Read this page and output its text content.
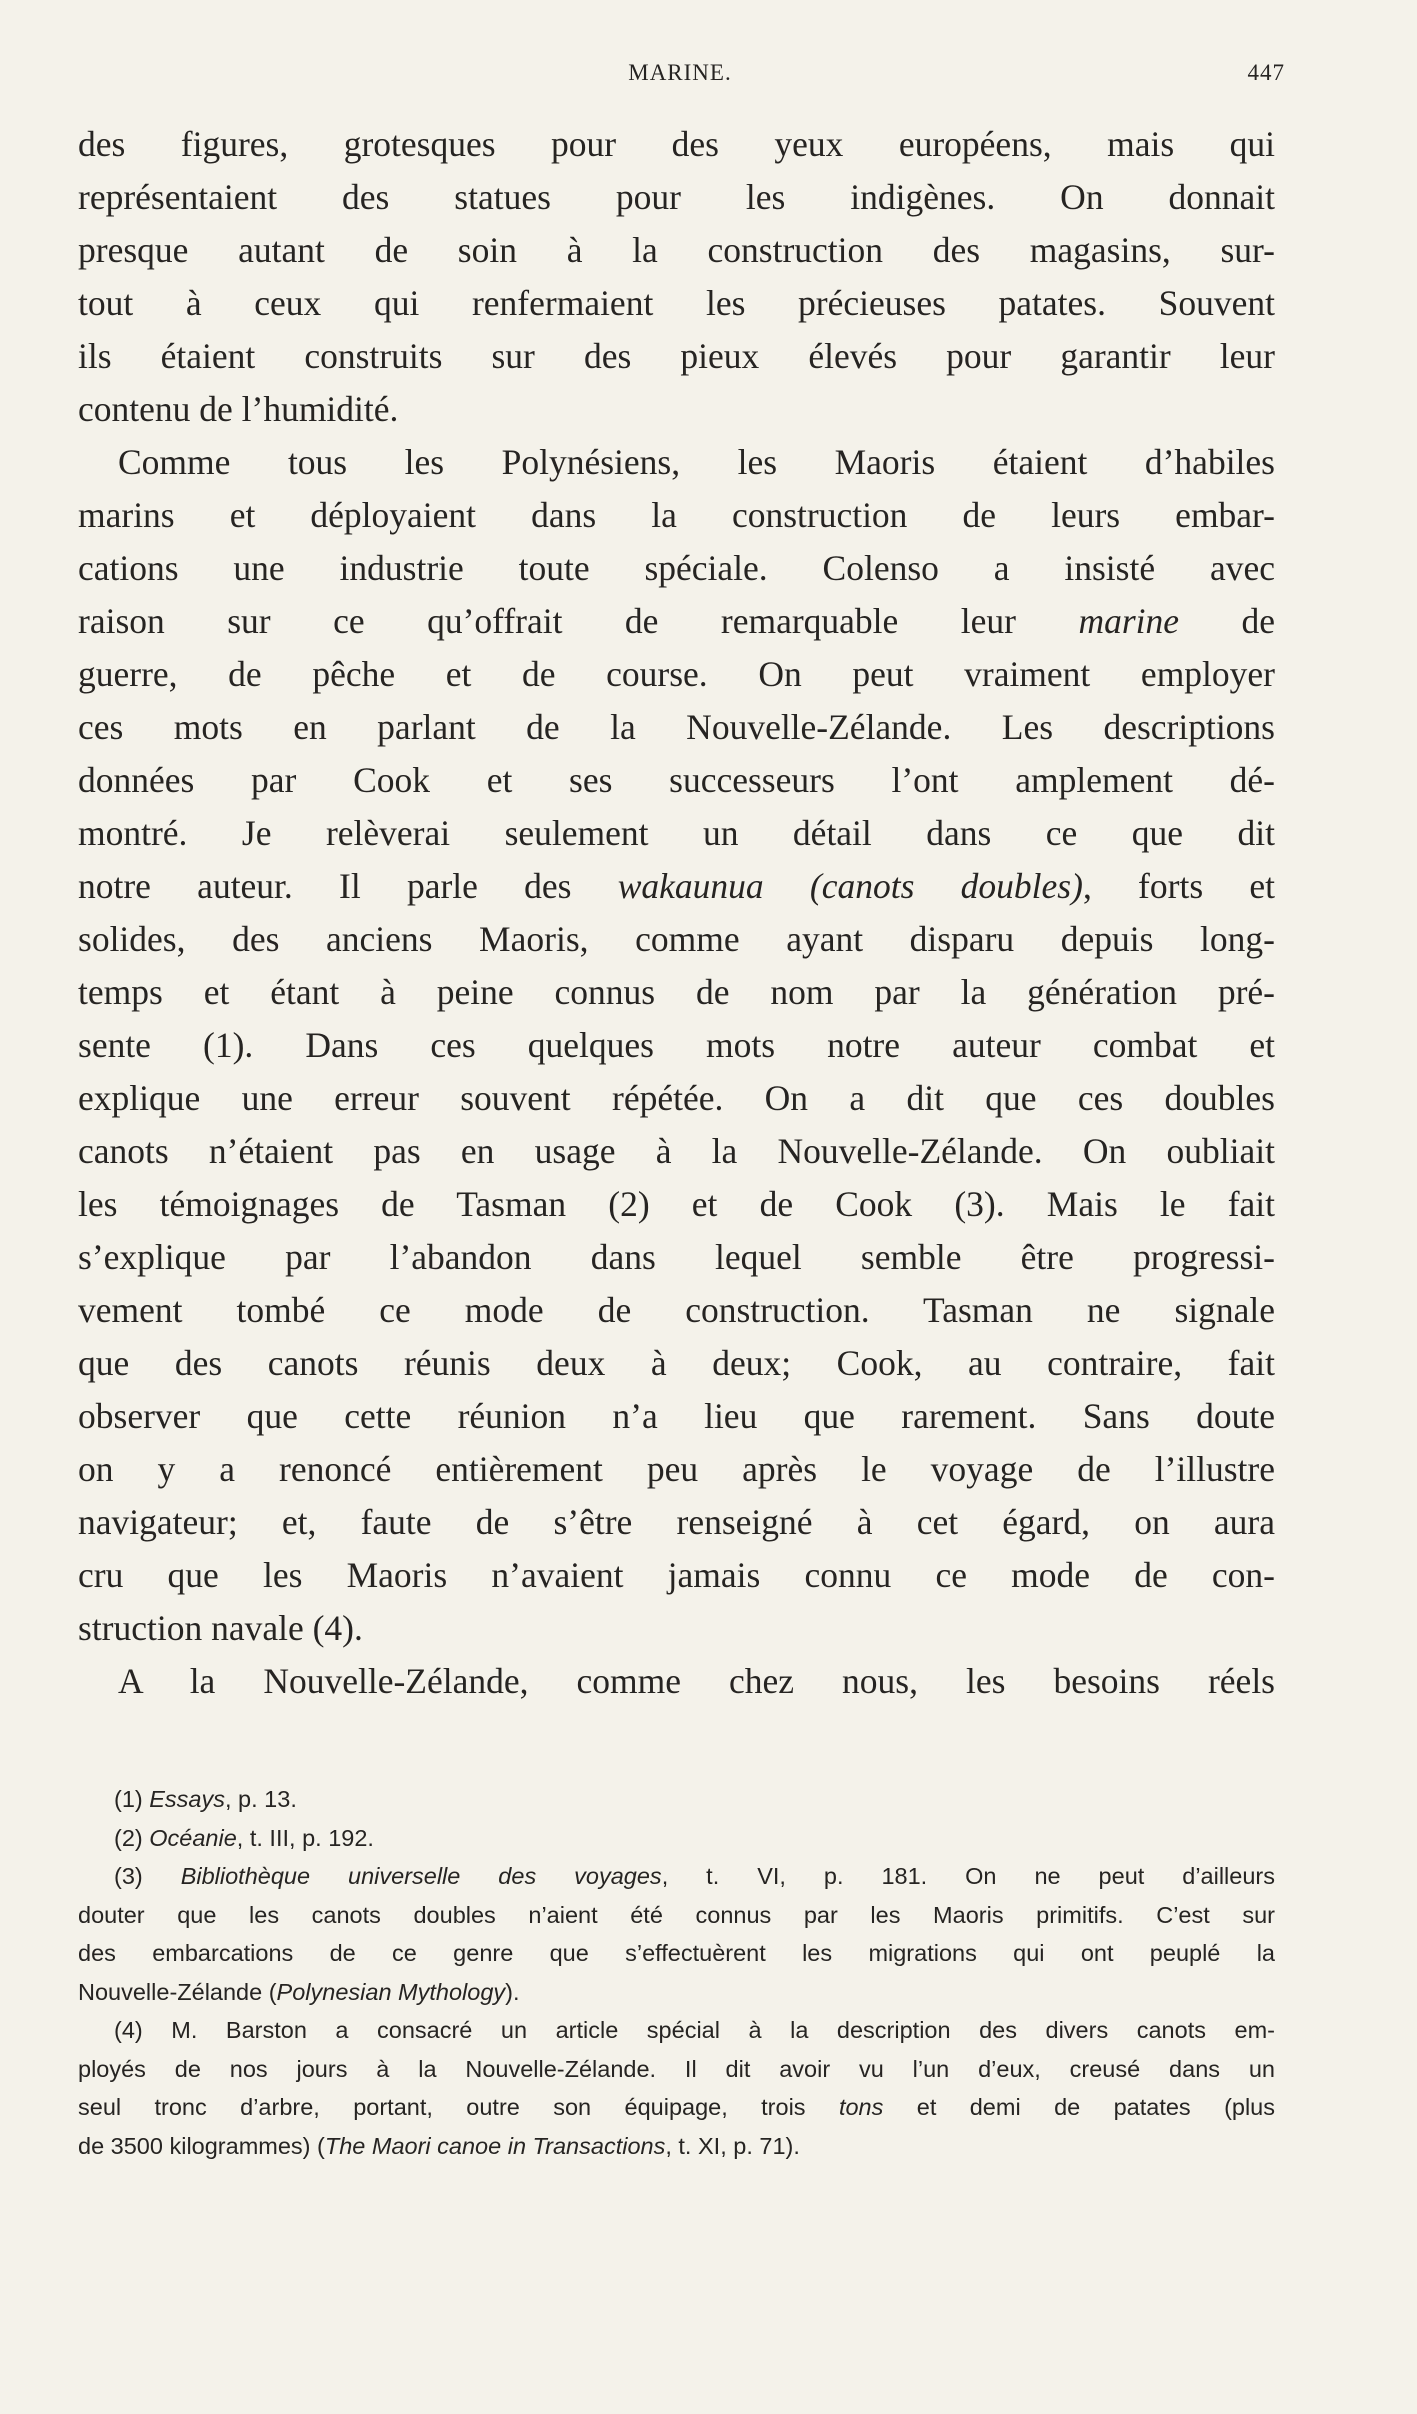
MARINE.	447
des figures, grotesques pour des yeux européens, mais qui
représentaient des statues pour les indigènes. On donnait
presque autant de soin à la construction des magasins, sur-
tout à ceux qui renfermaient les précieuses patates. Souvent
ils étaient construits sur des pieux élevés pour garantir leur
contenu de l’humidité.
Comme tous les Polynésiens, les Maoris étaient d’habiles
marins et déployaient dans la construction de leurs embar-
cations une industrie toute spéciale. Colenso a insisté avec
raison sur ce qu’offrait de remarquable leur marine de
guerre, de pêche et de course. On peut vraiment employer
ces mots en parlant de la Nouvelle-Zélande. Les descriptions
données par Cook et ses successeurs l’ont amplement dé-
montré. Je relèverai seulement un détail dans ce que dit
notre auteur. Il parle des wakaunua (canots doubles), forts et
solides, des anciens Maoris, comme ayant disparu depuis long-
temps et étant à peine connus de nom par la génération pré-
sente (1). Dans ces quelques mots notre auteur combat et
explique une erreur souvent répétée. On a dit que ces doubles
canots n’étaient pas en usage à la Nouvelle-Zélande. On oubliait
les témoignages de Tasman (2) et de Cook (3). Mais le fait
s’explique par l’abandon dans lequel semble être progressi-
vement tombé ce mode de construction. Tasman ne signale
que des canots réunis deux à deux; Cook, au contraire, fait
observer que cette réunion n’a lieu que rarement. Sans doute
on y a renoncé entièrement peu après le voyage de l’illustre
navigateur; et, faute de s’être renseigné à cet égard, on aura
cru que les Maoris n’avaient jamais connu ce mode de con-
struction navale (4).
A la Nouvelle-Zélande, comme chez nous, les besoins réels
(1) Essays, p. 13.
(2) Océanie, t. III, p. 192.
(3) Bibliothèque universelle des voyages, t. VI, p. 181. On ne peut d’ailleurs
douter que les canots doubles n’aient été connus par les Maoris primitifs. C’est sur
des embarcations de ce genre que s’effectuèrent les migrations qui ont peuplé la
Nouvelle-Zélande (Polynesian Mythology).
(4) M. Barston a consacré un article spécial à la description des divers canots em-
ployés de nos jours à la Nouvelle-Zélande. Il dit avoir vu l’un d’eux, creusé dans un
seul tronc d’arbre, portant, outre son équipage, trois tons et demi de patates (plus
de 3500 kilogrammes) (The Maori canoe in Transactions, t. XI, p. 71).
